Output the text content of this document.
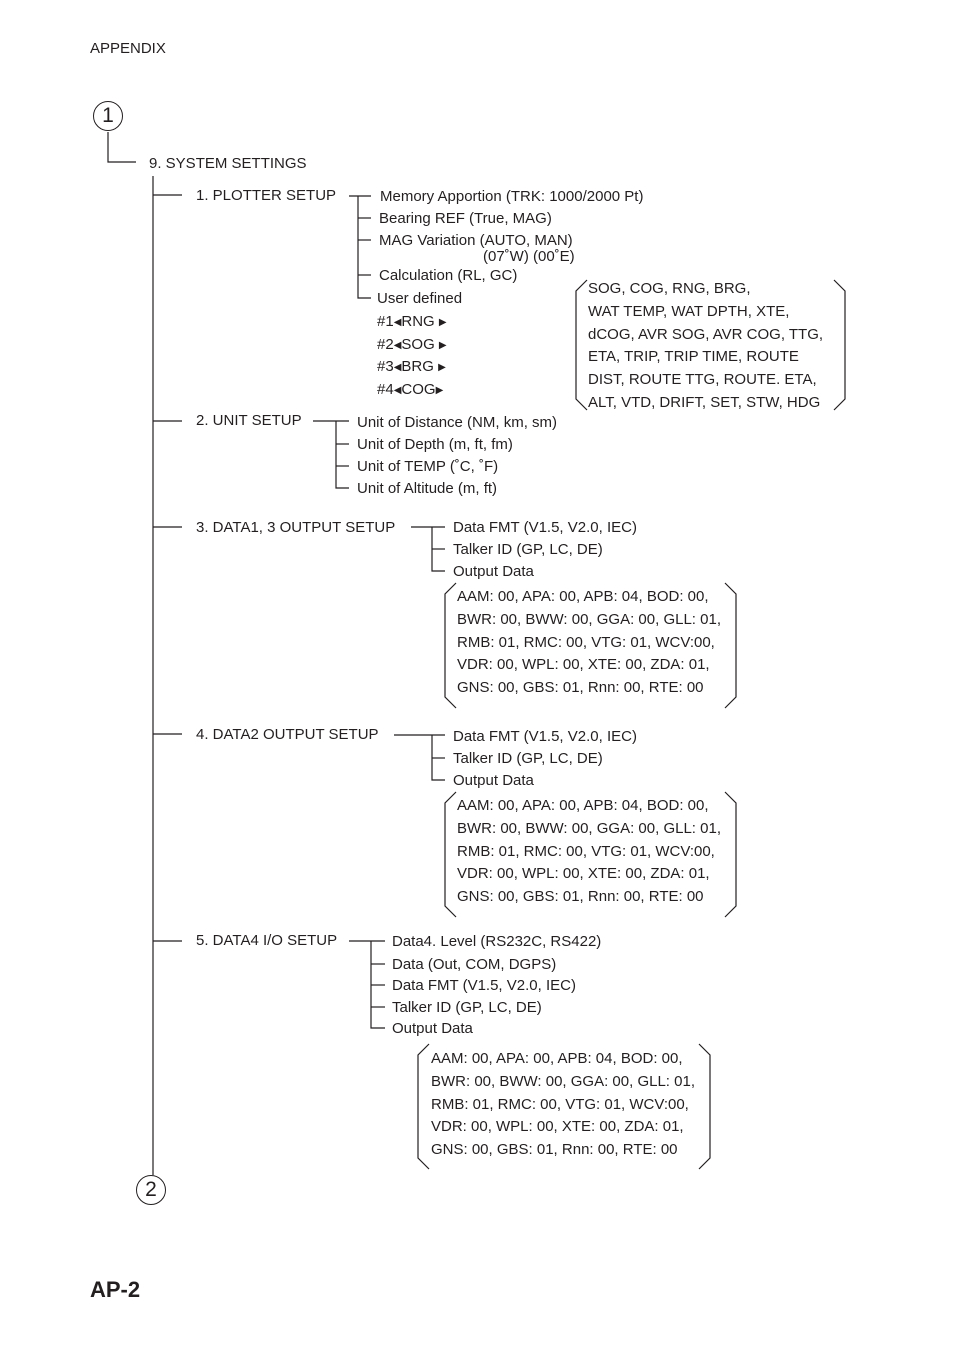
APPENDIX
AP-2
1
2
9. SYSTEM SETTINGS
1. PLOTTER SETUP	Memory Apportion (TRK: 1000/2000 Pt)
Bearing REF (True, MAG)
MAG Variation (AUTO, MAN)
(07˚W) (00˚E)
Calculation (RL, GC)
User defined
#1◀RNG ▶
#2◀SOG ▶
#3◀BRG ▶
#4◀COG▶
SOG, COG, RNG, BRG,
WAT TEMP, WAT DPTH, XTE,
dCOG, AVR SOG, AVR COG, TTG,
ETA, TRIP, TRIP TIME, ROUTE
DIST, ROUTE TTG, ROUTE. ETA,
ALT, VTD, DRIFT, SET, STW, HDG
2. UNIT SETUP	Unit of Distance (NM, km, sm)
Unit of Depth (m, ft, fm)
Unit of TEMP (˚C, ˚F)
Unit of Altitude (m, ft)
3. DATA1, 3 OUTPUT SETUP	Data FMT (V1.5, V2.0, IEC)
Talker ID (GP, LC, DE)
Output Data
AAM: 00, APA: 00, APB: 04, BOD: 00,
BWR: 00, BWW: 00, GGA: 00, GLL: 01,
RMB: 01, RMC: 00, VTG: 01, WCV:00,
VDR: 00, WPL: 00, XTE: 00, ZDA: 01,
GNS: 00, GBS: 01, Rnn: 00, RTE: 00
4. DATA2 OUTPUT SETUP	Data FMT (V1.5, V2.0, IEC)
Talker ID (GP, LC, DE)
Output Data
AAM: 00, APA: 00, APB: 04, BOD: 00,
BWR: 00, BWW: 00, GGA: 00, GLL: 01,
RMB: 01, RMC: 00, VTG: 01, WCV:00,
VDR: 00, WPL: 00, XTE: 00, ZDA: 01,
GNS: 00, GBS: 01, Rnn: 00, RTE: 00
5. DATA4 I/O SETUP	Data4. Level (RS232C, RS422)
Data (Out, COM, DGPS)
Data FMT (V1.5, V2.0, IEC)
Talker ID (GP, LC, DE)
Output Data
AAM: 00, APA: 00, APB: 04, BOD: 00,
BWR: 00, BWW: 00, GGA: 00, GLL: 01,
RMB: 01, RMC: 00, VTG: 01, WCV:00,
VDR: 00, WPL: 00, XTE: 00, ZDA: 01,
GNS: 00, GBS: 01, Rnn: 00, RTE: 00
